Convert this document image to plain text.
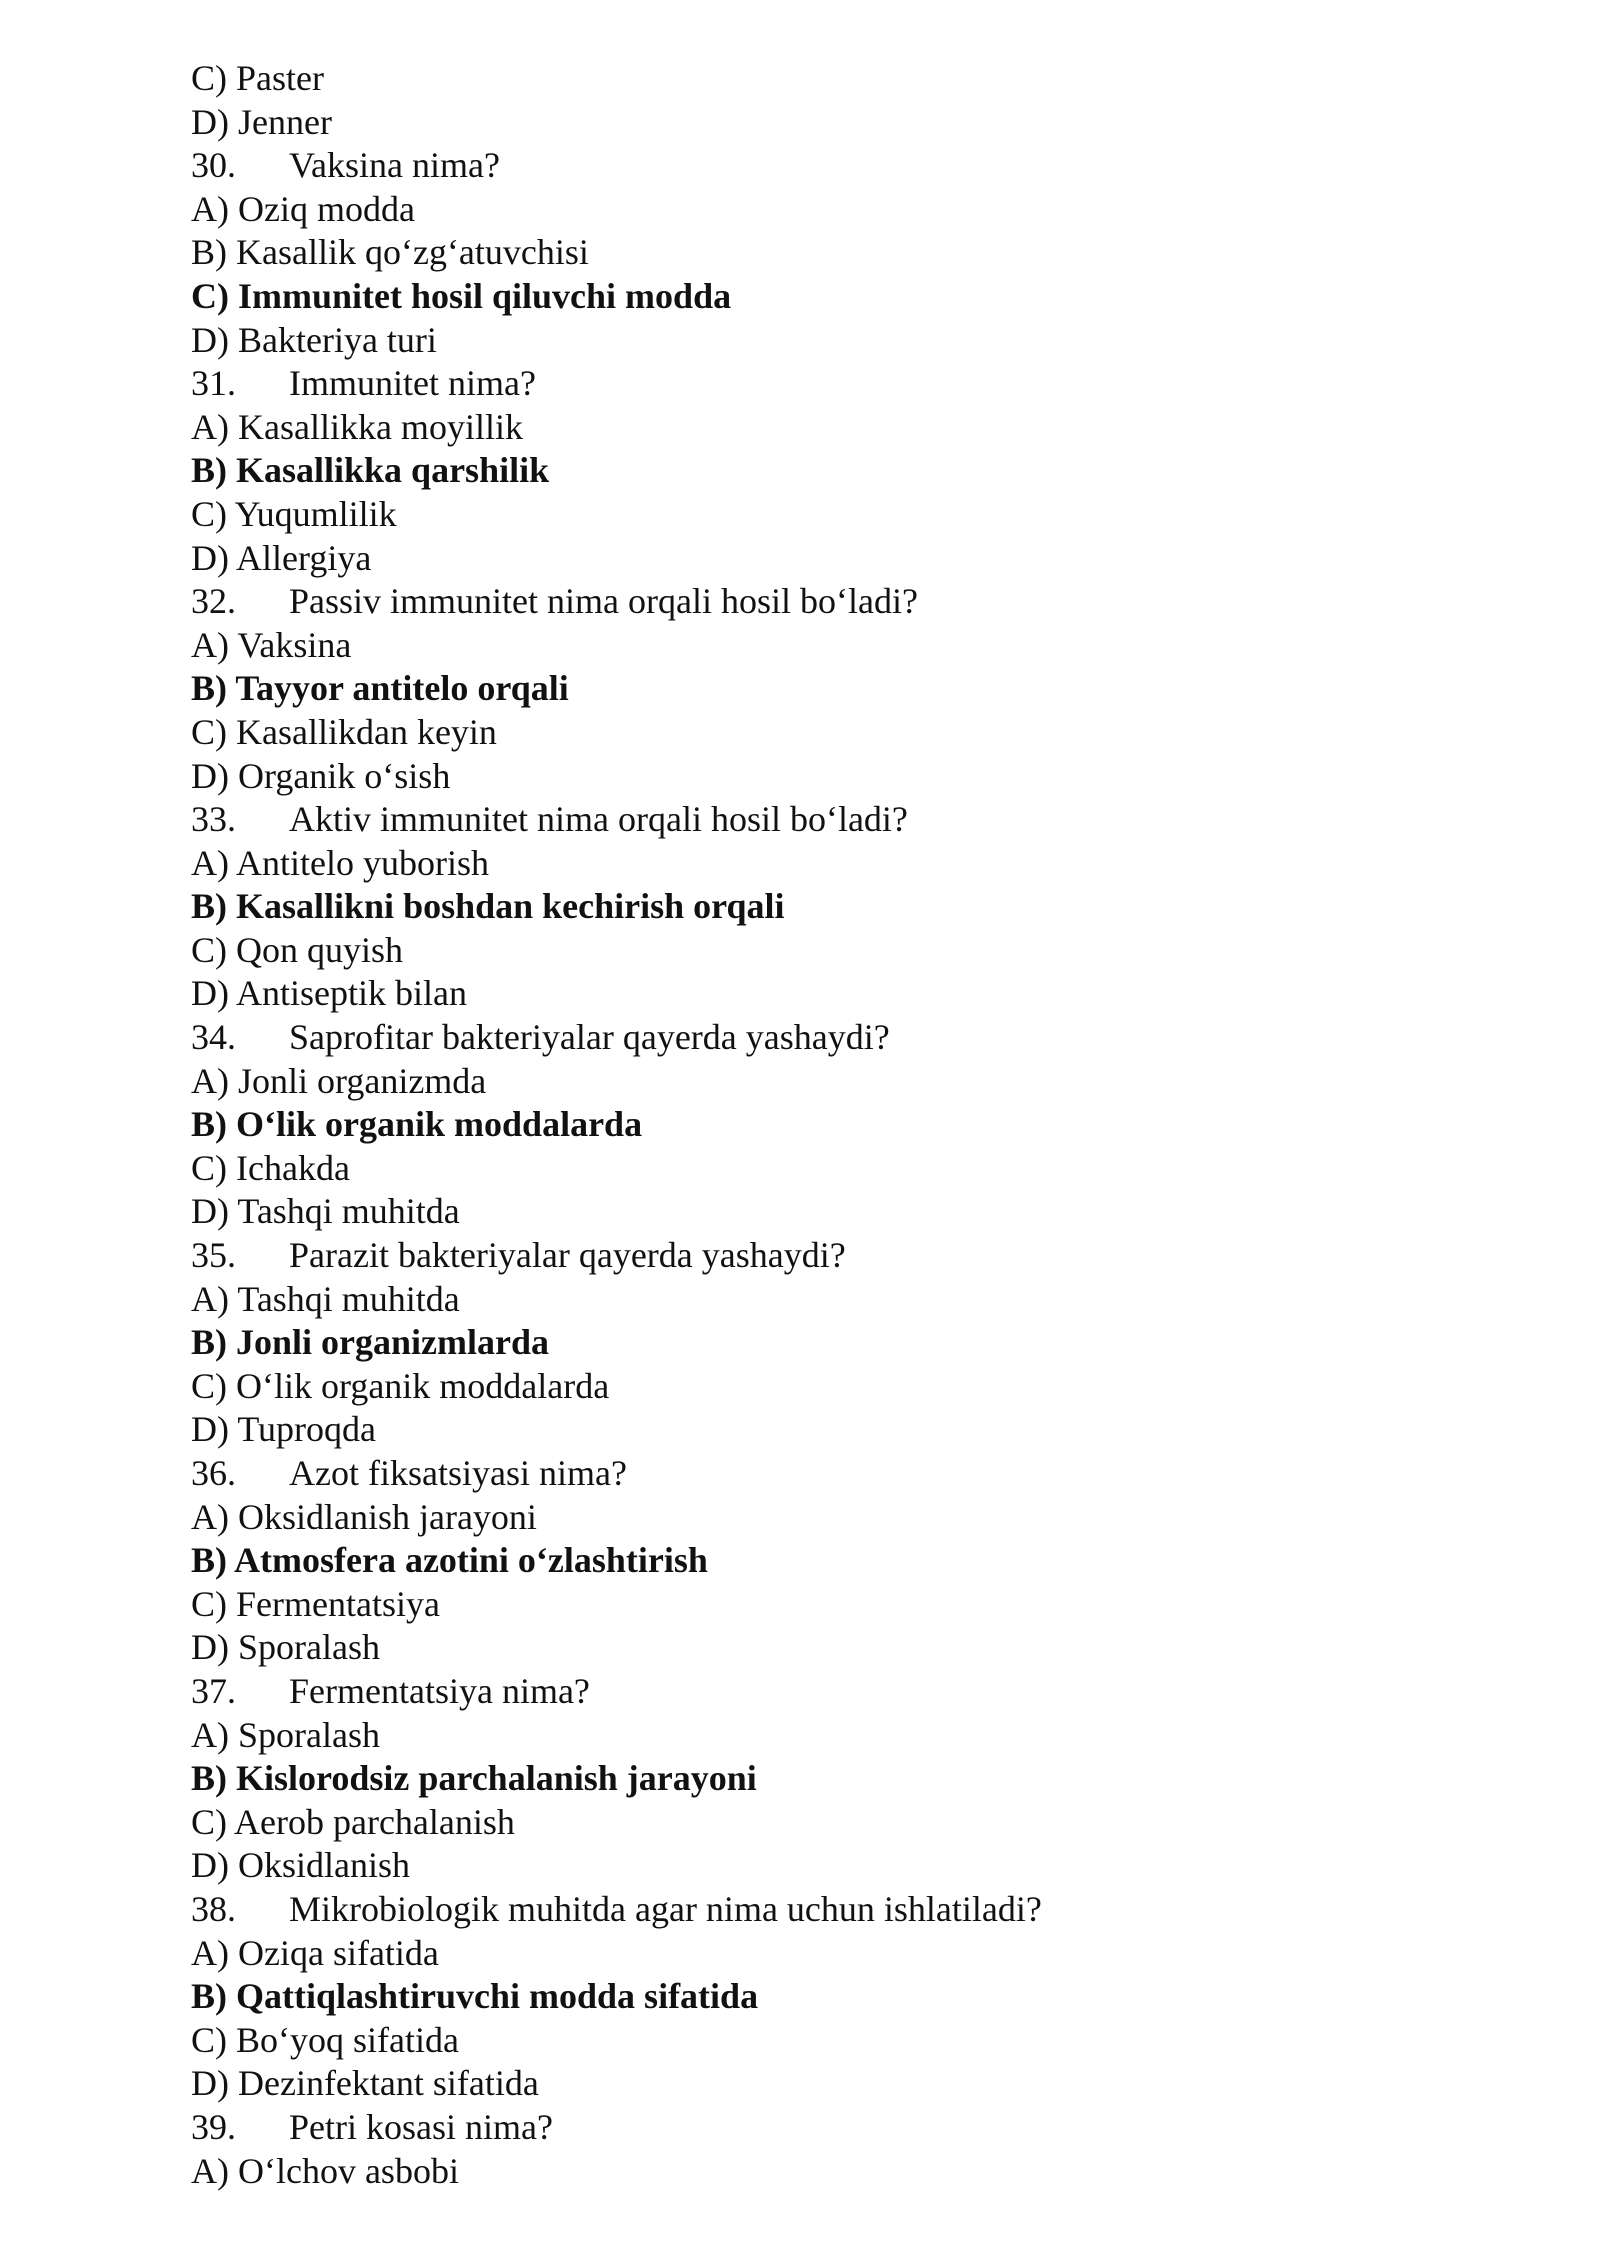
C) Paster
D) Jenner
30. Vaksina nima?
A) Oziq modda
B) Kasallik qo‘zg‘atuvchisi
C) Immunitet hosil qiluvchi modda
D) Bakteriya turi
31. Immunitet nima?
A) Kasallikka moyillik
B) Kasallikka qarshilik
C) Yuqumlilik
D) Allergiya
32. Passiv immunitet nima orqali hosil bo‘ladi?
A) Vaksina
B) Tayyor antitelo orqali
C) Kasallikdan keyin
D) Organik o‘sish
33. Aktiv immunitet nima orqali hosil bo‘ladi?
A) Antitelo yuborish
B) Kasallikni boshdan kechirish orqali
C) Qon quyish
D) Antiseptik bilan
34. Saprofitar bakteriyalar qayerda yashaydi?
A) Jonli organizmda
B) O‘lik organik moddalarda
C) Ichakda
D) Tashqi muhitda
35. Parazit bakteriyalar qayerda yashaydi?
A) Tashqi muhitda
B) Jonli organizmlarda
C) O‘lik organik moddalarda
D) Tuproqda
36. Azot fiksatsiyasi nima?
A) Oksidlanish jarayoni
B) Atmosfera azotini o‘zlashtirish
C) Fermentatsiya
D) Sporalash
37. Fermentatsiya nima?
A) Sporalash
B) Kislorodsiz parchalanish jarayoni
C) Aerob parchalanish
D) Oksidlanish
38. Mikrobiologik muhitda agar nima uchun ishlatiladi?
A) Oziqa sifatida
B) Qattiqlashtiruvchi modda sifatida
C) Bo‘yoq sifatida
D) Dezinfektant sifatida
39. Petri kosasi nima?
A) O‘lchov asbobi
